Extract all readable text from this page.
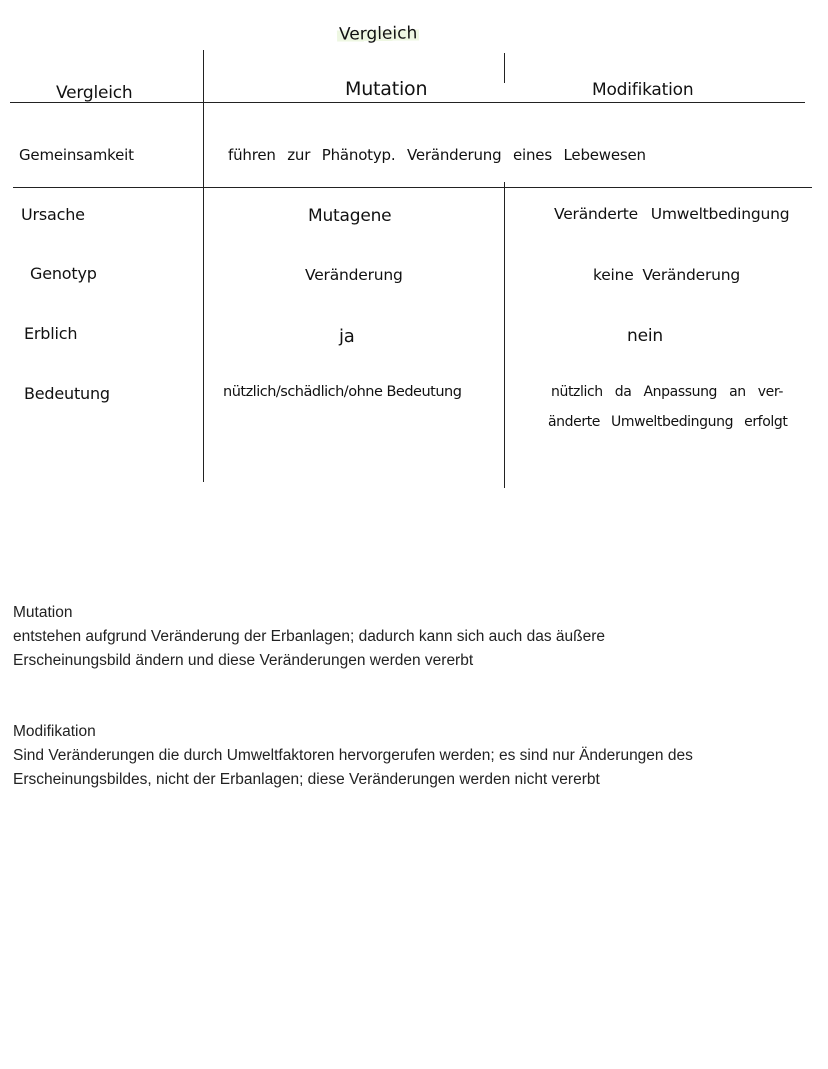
Vergleich
Vergleich	Mutation	Modifikation
Gemeinsamkeit	führen zur Phänotyp. Veränderung eines Lebewesen
Ursache	Mutagene	Veränderte Umweltbedingung
Genotyp	Veränderung	keine Veränderung
Erblich	ja	nein
Bedeutung	nützlich/schädlich/ohne Bedeutung	nützlich da Anpassung an ver-
änderte Umweltbedingung erfolgt
Mutation
entstehen aufgrund Veränderung der Erbanlagen; dadurch kann sich auch das äußere
Erscheinungsbild ändern und diese Veränderungen werden vererbt
Modifikation
Sind Veränderungen die durch Umweltfaktoren hervorgerufen werden; es sind nur Änderungen des
Erscheinungsbildes, nicht der Erbanlagen; diese Veränderungen werden nicht vererbt
